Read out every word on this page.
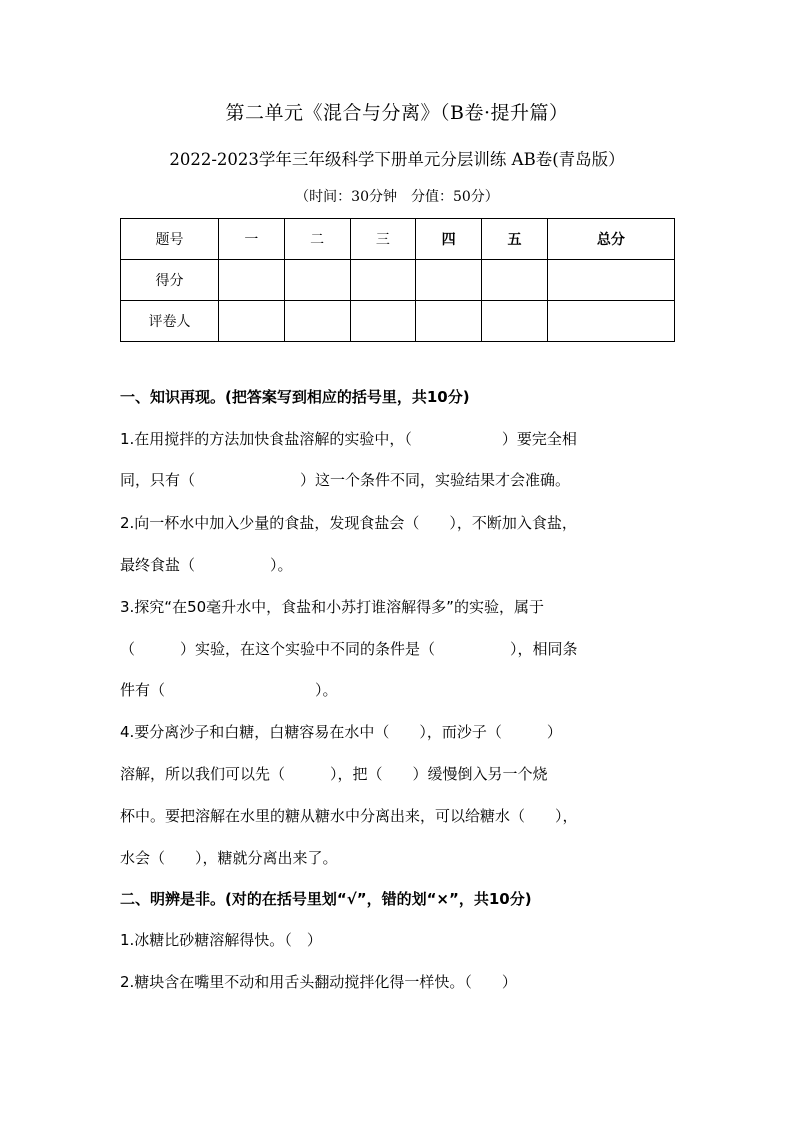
第二单元《混合与分离》（B卷·提升篇）
2022-2023学年三年级科学下册单元分层训练 AB卷(青岛版）
（时间：30分钟　分值：50分）
题号	一	二	三	四	五	总分
得分						
评卷人						
一、知识再现。(把答案写到相应的括号里，共10分)
1.在用搅拌的方法加快食盐溶解的实验中，（　　　　　　）要完全相
同，只有（　　　　　　　）这一个条件不同，实验结果才会准确。
2.向一杯水中加入少量的食盐，发现食盐会（　　），不断加入食盐，
最终食盐（　　　　　）。
3.探究“在50毫升水中，食盐和小苏打谁溶解得多”的实验，属于
（　　　）实验，在这个实验中不同的条件是（　　　　　），相同条
件有（　　　　　　　　　　）。
4.要分离沙子和白糖，白糖容易在水中（　　），而沙子（　　　）
溶解，所以我们可以先（　　　），把（　　）缓慢倒入另一个烧
杯中。要把溶解在水里的糖从糖水中分离出来，可以给糖水（　　），
水会（　　），糖就分离出来了。
二、明辨是非。(对的在括号里划“√”，错的划“×”，共10分)
1.冰糖比砂糖溶解得快。（　）
2.糖块含在嘴里不动和用舌头翻动搅拌化得一样快。（　　）
